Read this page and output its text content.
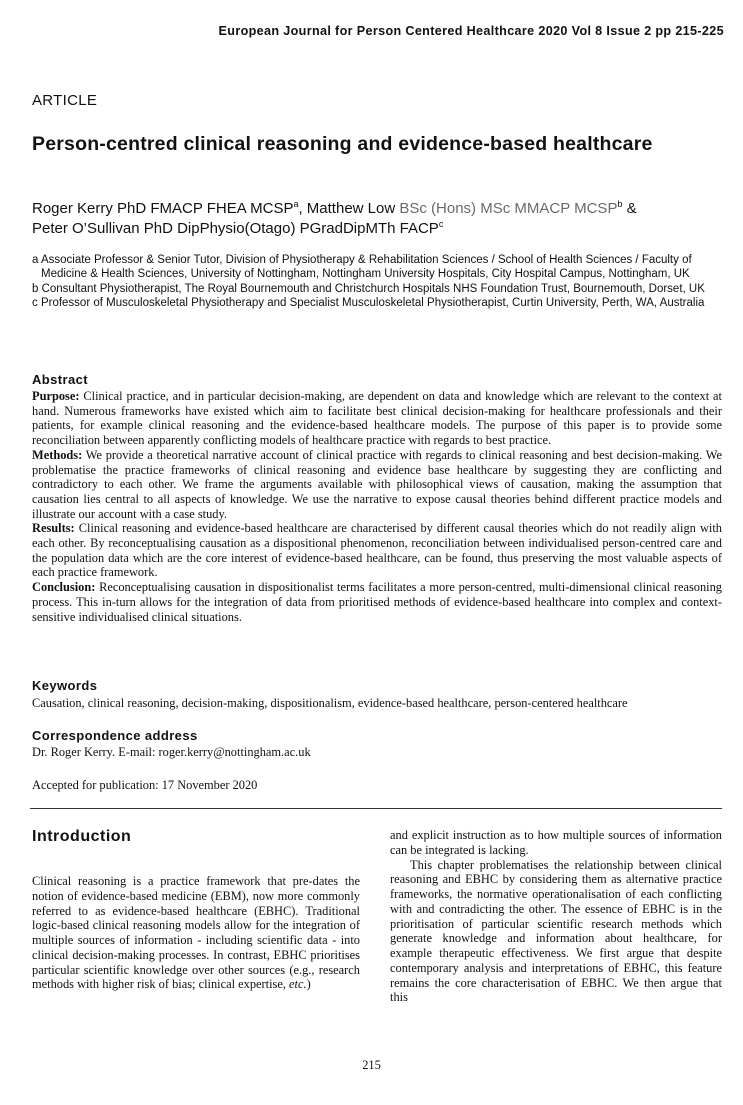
European Journal for Person Centered Healthcare 2020 Vol 8 Issue 2 pp 215-225
ARTICLE
Person-centred clinical reasoning and evidence-based healthcare
Roger Kerry PhD FMACP FHEA MCSP$^a$, Matthew Low BSc (Hons) MSc MMACP MCSP$^b$ &
Peter O’Sullivan PhD DipPhysio(Otago) PGradDipMTh FACP$^c$
a Associate Professor & Senior Tutor, Division of Physiotherapy & Rehabilitation Sciences / School of Health Sciences / Faculty of Medicine & Health Sciences, University of Nottingham, Nottingham University Hospitals, City Hospital Campus, Nottingham, UK
b Consultant Physiotherapist, The Royal Bournemouth and Christchurch Hospitals NHS Foundation Trust, Bournemouth, Dorset, UK
c Professor of Musculoskeletal Physiotherapy and Specialist Musculoskeletal Physiotherapist, Curtin University, Perth, WA, Australia
Abstract

Purpose: Clinical practice, and in particular decision-making, are dependent on data and knowledge which are relevant to the context at hand. Numerous frameworks have existed which aim to facilitate best clinical decision-making for healthcare professionals and their patients, for example clinical reasoning and the evidence-based healthcare models. The purpose of this paper is to provide some reconciliation between apparently conflicting models of healthcare practice with regards to best practice.

Methods: We provide a theoretical narrative account of clinical practice with regards to clinical reasoning and best decision-making. We problematise the practice frameworks of clinical reasoning and evidence base healthcare by suggesting they are conflicting and contradictory to each other. We frame the arguments available with philosophical views of causation, making the assumption that causation lies central to all aspects of knowledge. We use the narrative to expose causal theories behind different practice models and illustrate our account with a case study.

Results: Clinical reasoning and evidence-based healthcare are characterised by different causal theories which do not readily align with each other. By reconceptualising causation as a dispositional phenomenon, reconciliation between individualised person-centred care and the population data which are the core interest of evidence-based healthcare, can be found, thus preserving the most valuable aspects of each practice framework.

Conclusion: Reconceptualising causation in dispositionalist terms facilitates a more person-centred, multi-dimensional clinical reasoning process. This in-turn allows for the integration of data from prioritised methods of evidence-based healthcare into complex and context-sensitive individualised clinical situations.

Keywords
Causation, clinical reasoning, decision-making, dispositionalism, evidence-based healthcare, person-centered healthcare
Correspondence address
Dr. Roger Kerry. E-mail: roger.kerry@nottingham.ac.uk
Accepted for publication: 17 November 2020
Introduction

Clinical reasoning is a practice framework that pre-dates the notion of evidence-based medicine (EBM), now more commonly referred to as evidence-based healthcare (EBHC). Traditional logic-based clinical reasoning models allow for the integration of multiple sources of information - including scientific data - into clinical decision-making processes. In contrast, EBHC prioritises particular scientific knowledge over other sources (e.g., research methods with higher risk of bias; clinical expertise, etc.)

and explicit instruction as to how multiple sources of information can be integrated is lacking.

This chapter problematises the relationship between clinical reasoning and EBHC by considering them as alternative practice frameworks, the normative operationalisation of each conflicting with and contradicting the other. The essence of EBHC is in the prioritisation of particular scientific research methods which generate knowledge and information about healthcare, for example therapeutic effectiveness. We first argue that despite contemporary analysis and interpretations of EBHC, this feature remains the core characterisation of EBHC. We then argue that this

215
